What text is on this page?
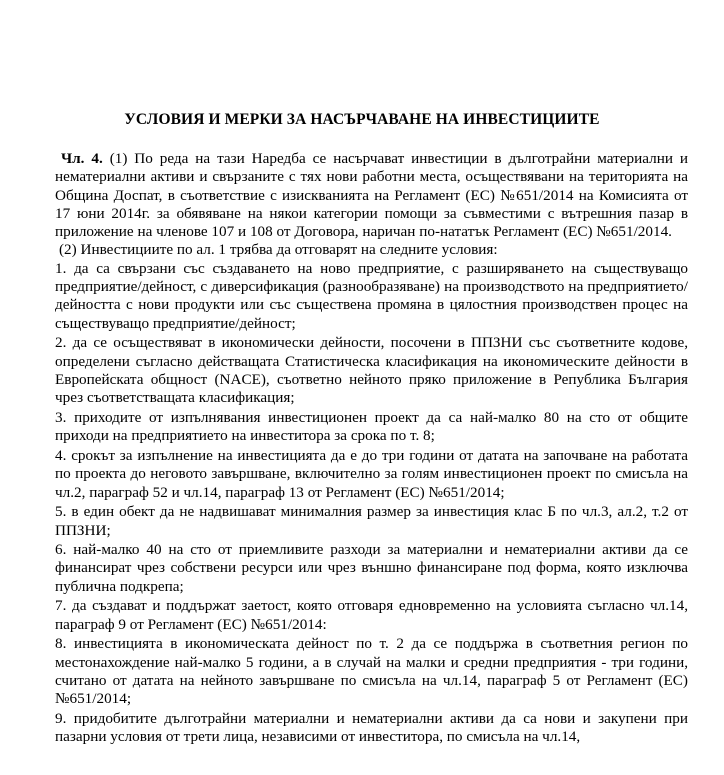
УСЛОВИЯ И МЕРКИ ЗА НАСЪРЧАВАНЕ НА ИНВЕСТИЦИИТЕ

Чл. 4. (1) По реда на тази Наредба се насърчават инвестиции в дълготрайни материални и нематериални активи и свързаните с тях нови работни места, осъществявани на територията на Община Доспат, в съответствие с изискванията на Регламент (ЕС) №651/2014 на Комисията от 17 юни 2014г. за обявяване на някои категории помощи за съвместими с вътрешния пазар в приложение на членове 107 и 108 от Договора, наричан по-нататък Регламент (ЕС) №651/2014.

(2) Инвестициите по ал. 1 трябва да отговарят на следните условия:

1. да са свързани със създаването на ново предприятие, с разширяването на съществуващо предприятие/дейност, с диверсификация (разнообразяване) на производството на предприятието/дейността с нови продукти или със съществена промяна в цялостния производствен процес на съществуващо предприятие/дейност;

2. да се осъществяват в икономически дейности, посочени в ППЗНИ със съответните кодове, определени съгласно действащата Статистическа класификация на икономическите дейности в Европейската общност (NACE), съответно нейното пряко приложение в Република България чрез съответстващата класификация;

3. приходите от изпълнявания инвестиционен проект да са най-малко 80 на сто от общите приходи на предприятието на инвеститора за срока по т. 8;

4. срокът за изпълнение на инвестицията да е до три години от датата на започване на работата по проекта до неговото завършване, включително за голям инвестиционен проект по смисъла на чл.2, параграф 52 и чл.14, параграф 13 от Регламент (ЕС) №651/2014;

5. в един обект да не надвишават минималния размер за инвестиция клас Б по чл.3, ал.2, т.2 от ППЗНИ;

6. най-малко 40 на сто от приемливите разходи за материални и нематериални активи да се финансират чрез собствени ресурси или чрез външно финансиране под форма, която изключва публична подкрепа;

7. да създават и поддържат заетост, която отговаря едновременно на условията съгласно чл.14, параграф 9 от Регламент (ЕС) №651/2014:

8. инвестицията в икономическата дейност по т. 2 да се поддържа в съответния регион по местонахождение най-малко 5 години, а в случай на малки и средни предприятия - три години, считано от датата на нейното завършване по смисъла на чл.14, параграф 5 от Регламент (ЕС) №651/2014;

9. придобитите дълготрайни материални и нематериални активи да са нови и закупени при пазарни условия от трети лица, независими от инвеститора, по смисъла на чл.14,
